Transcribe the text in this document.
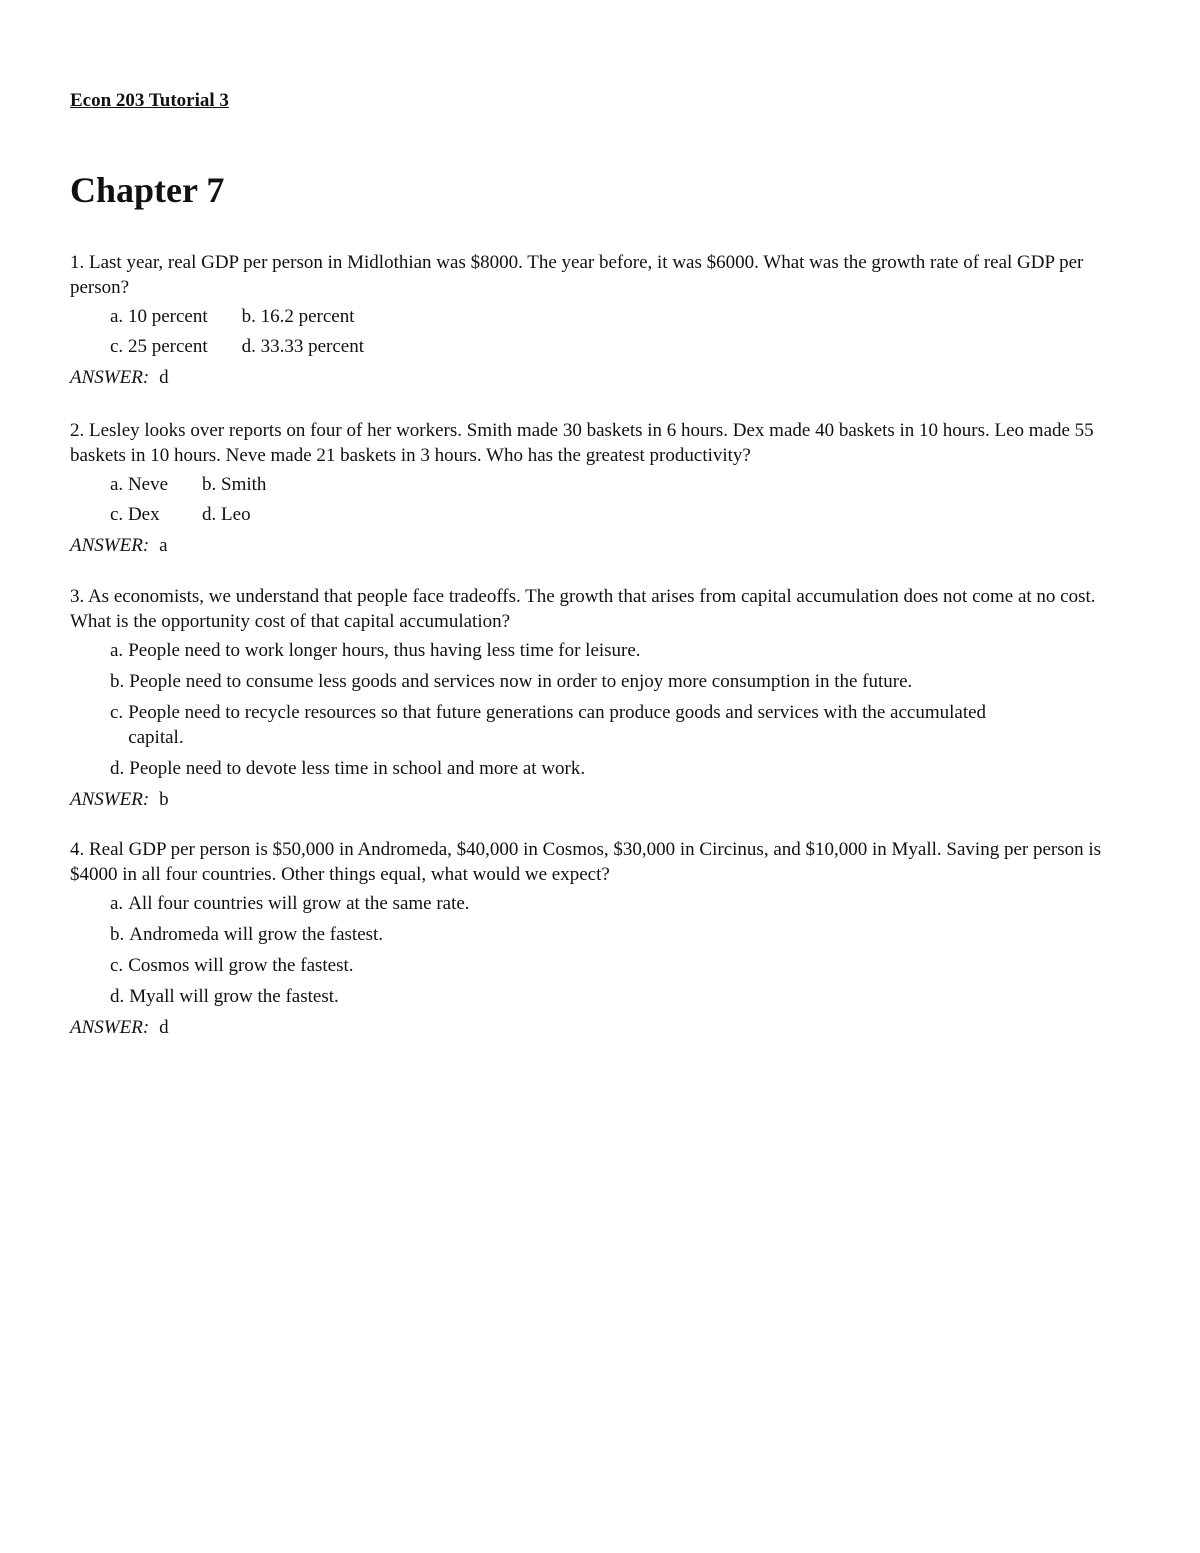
Econ 203 Tutorial 3
Chapter 7

1. Last year, real GDP per person in Midlothian was $8000. The year before, it was $6000. What was the growth rate of real GDP per person?

a. 10 percent b. 16.2 percent
c. 25 percent d. 33.33 percent
ANSWER: d

2. Lesley looks over reports on four of her workers. Smith made 30 baskets in 6 hours. Dex made 40 baskets in 10 hours. Leo made 55 baskets in 10 hours. Neve made 21 baskets in 3 hours. Who has the greatest productivity?

a. Neve b. Smith
c. Dex	d. Leo
ANSWER: a

3. As economists, we understand that people face tradeoffs. The growth that arises from capital accumulation does not come at no cost. What is the opportunity cost of that capital accumulation?

a. People need to work longer hours, thus having less time for leisure.
b. People need to consume less goods and services now in order to enjoy more consumption in the future.
c. People need to recycle resources so that future generations can produce goods and services with the accumulated capital.
d. People need to devote less time in school and more at work.
ANSWER: b

4. Real GDP per person is $50,000 in Andromeda, $40,000 in Cosmos, $30,000 in Circinus, and $10,000 in Myall. Saving per person is $4000 in all four countries. Other things equal, what would we expect?

a. All four countries will grow at the same rate.
b. Andromeda will grow the fastest.
c. Cosmos will grow the fastest.
d. Myall will grow the fastest.
ANSWER: d
